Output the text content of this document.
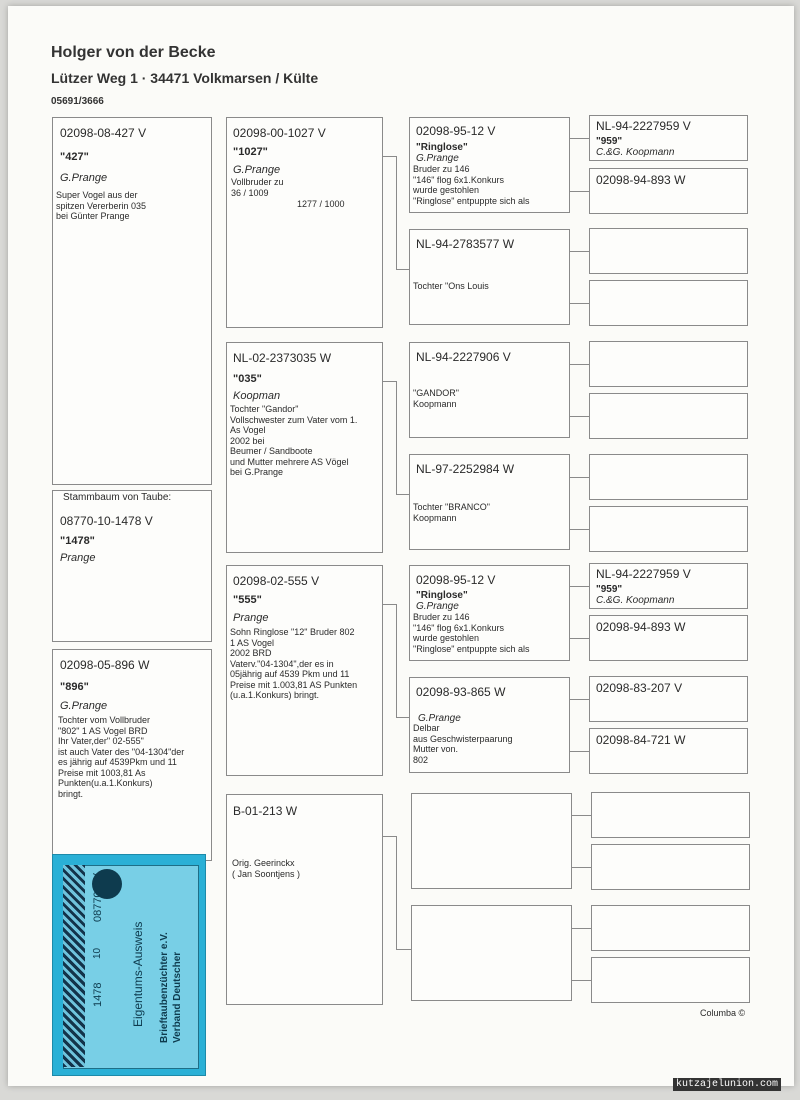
Holger von der Becke
Lützer Weg 1 · 34471 Volkmarsen / Külte
05691/3666
02098-08-427 V
"427"
G.Prange
Super Vogel aus der
spitzen Vererberin 035
bei Günter Prange
Stammbaum von Taube:
08770-10-1478 V
"1478"
Prange
02098-05-896 W
"896"
G.Prange
Tochter vom Vollbruder
"802" 1 AS Vogel BRD
Ihr Vater,der" 02-555"
ist auch Vater des "04-1304"der
es jährig auf 4539Pkm und 11
Preise mit 1003,81 As
Punkten(u.a.1.Konkurs)
bringt.
02098-00-1027 V
"1027"
G.Prange
Vollbruder zu
36 / 1009
1277 / 1000
NL-02-2373035 W
"035"
Koopman
Tochter "Gandor"
Vollschwester zum Vater vom 1.
As Vogel
2002 bei
Beumer / Sandboote
und Mutter mehrere AS Vögel
bei G.Prange
02098-02-555 V
"555"
Prange
Sohn Ringlose "12" Bruder 802
1 AS Vogel
2002 BRD
Vaterv."04-1304",der es in
05jährig auf 4539 Pkm und 11
Preise mit 1.003,81 AS Punkten
(u.a.1.Konkurs) bringt.
B-01-213 W
Orig. Geerinckx
( Jan Soontjens )
02098-95-12 V
"Ringlose"
G.Prange
Bruder zu 146
"146" flog 6x1.Konkurs
wurde gestohlen
"Ringlose" entpuppte sich als
NL-94-2783577 W
Tochter "Ons Louis
NL-94-2227906 V
"GANDOR"
Koopmann
NL-97-2252984 W
Tochter "BRANCO"
Koopmann
02098-95-12 V
"Ringlose"
G.Prange
Bruder zu 146
"146" flog 6x1.Konkurs
wurde gestohlen
"Ringlose" entpuppte sich als
02098-93-865 W
G.Prange
Delbar
aus Geschwisterpaarung
Mutter von.
802
NL-94-2227959 V
"959"
C.&G. Koopmann
02098-94-893 W
NL-94-2227959 V
"959"
C.&G. Koopmann
02098-94-893 W
02098-83-207 V
02098-84-721 W
Columba ©
Verband Deutscher
Brieftaubenzüchter e.V.
Eigentums-Ausweis
DV
08770
10
1478
kutzajelunion.com
